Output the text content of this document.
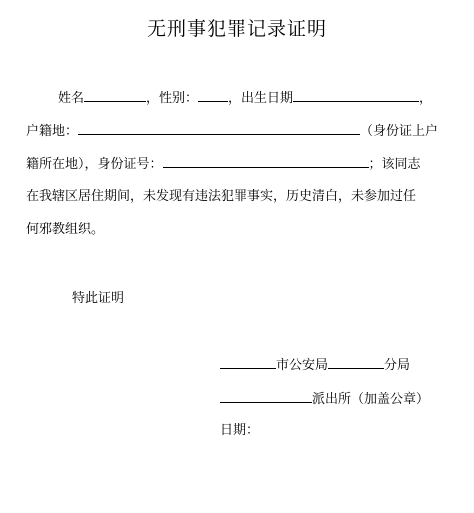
无刑事犯罪记录证明
姓名	，性别： ，出生日期	，
户籍地：	（身份证上户
籍所在地），身份证号：	；该同志
在我辖区居住期间，未发现有违法犯罪事实，历史清白，未参加过任
何邪教组织。
特此证明
市公安局	分局
派出所（加盖公章）
日期：
